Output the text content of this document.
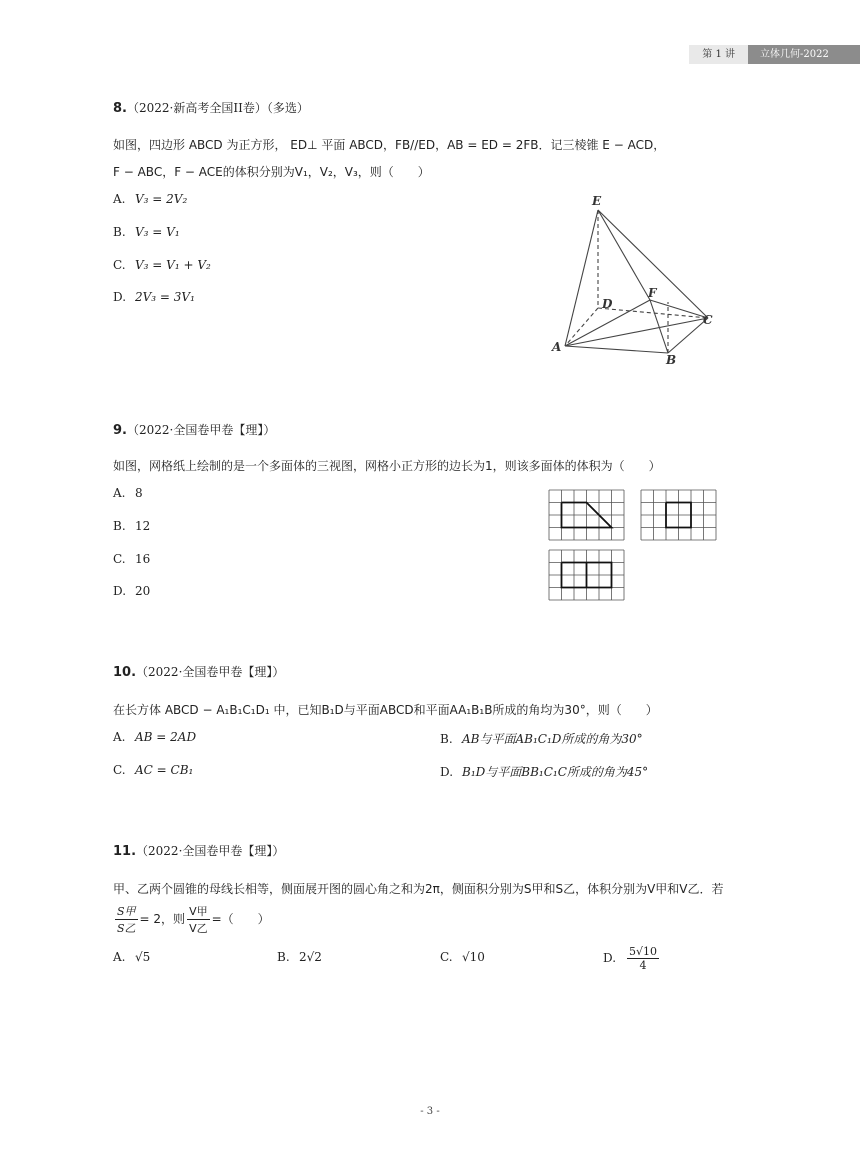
第 1 讲	立体几何-2022
8.（2022·新高考全国II卷）（多选）
如图，四边形 ABCD 为正方形， ED⊥ 平面 ABCD，FB//ED，AB = ED = 2FB．记三棱锥 E − ACD，
F − ABC，F − ACE的体积分别为V₁，V₂，V₃，则（　　）
A. V₃ = 2V₂
B. V₃ = V₁
C. V₃ = V₁ + V₂
D. 2V₃ = 3V₁
E
D
F
C
A
B
9.（2022·全国卷甲卷【理】）
如图，网格纸上绘制的是一个多面体的三视图，网格小正方形的边长为1，则该多面体的体积为（　　）
A. 8
B. 12
C. 16
D. 20
10.（2022·全国卷甲卷【理】）
在长方体 ABCD − A₁B₁C₁D₁ 中，已知B₁D与平面ABCD和平面AA₁B₁B所成的角均为30°，则（　　）
A. AB = 2AD	B. AB与平面AB₁C₁D所成的角为30°
C. AC = CB₁	D. B₁D与平面BB₁C₁C所成的角为45°
11.（2022·全国卷甲卷【理】）
甲、乙两个圆锥的母线长相等，侧面展开图的圆心角之和为2π，侧面积分别为S甲和S乙，体积分别为V甲和V乙．若
$\frac{\text{S甲}}{\text{S乙}} = 2$，则 $\frac{\text{V甲}}{\text{V乙}}$ =（　　）
A. √5	B. 2√2	C. √10	D. $\frac{5√10}{4}$
- 3 -
